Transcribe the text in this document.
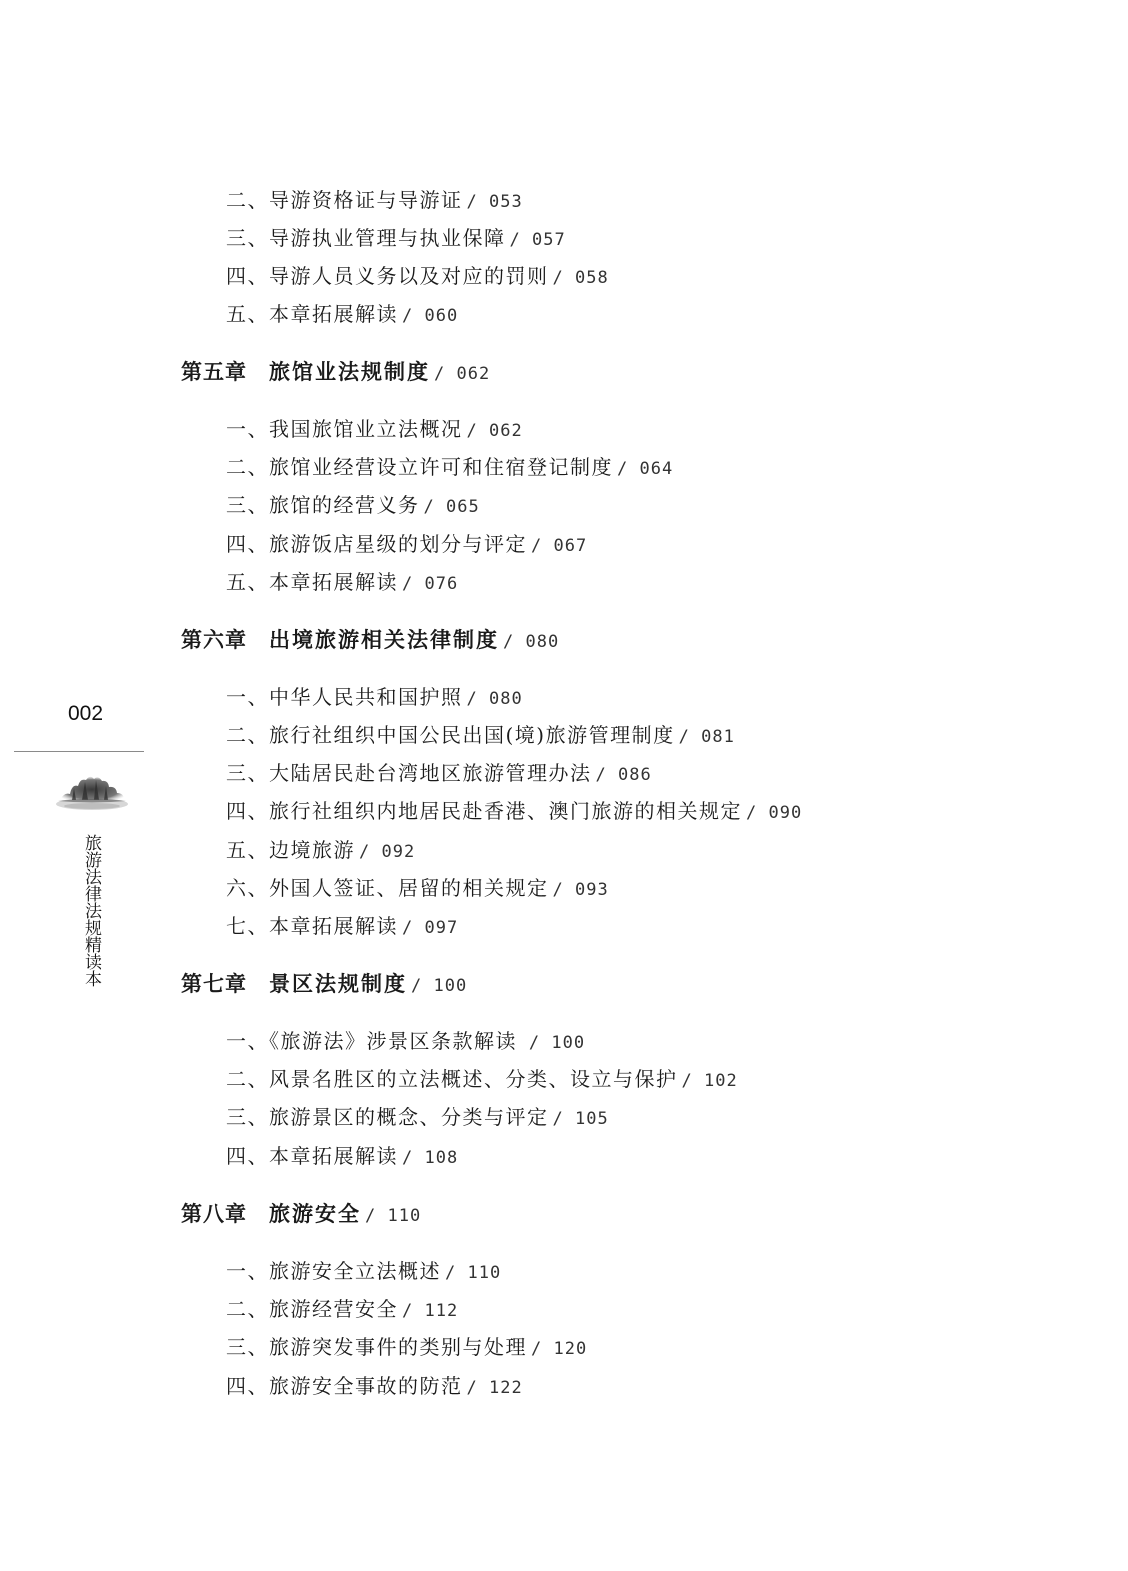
二、导游资格证与导游证 / 053
三、导游执业管理与执业保障 / 057
四、导游人员义务以及对应的罚则 / 058
五、本章拓展解读 / 060
第五章 旅馆业法规制度 / 062
一、我国旅馆业立法概况 / 062
二、旅馆业经营设立许可和住宿登记制度 / 064
三、旅馆的经营义务 / 065
四、旅游饭店星级的划分与评定 / 067
五、本章拓展解读 / 076
第六章 出境旅游相关法律制度 / 080
一、中华人民共和国护照 / 080
二、旅行社组织中国公民出国(境)旅游管理制度 / 081
三、大陆居民赴台湾地区旅游管理办法 / 086
四、旅行社组织内地居民赴香港、澳门旅游的相关规定 / 090
五、边境旅游 / 092
六、外国人签证、居留的相关规定 / 093
七、本章拓展解读 / 097
第七章 景区法规制度 / 100
一、《旅游法》涉景区条款解读 / 100
二、风景名胜区的立法概述、分类、设立与保护 / 102
三、旅游景区的概念、分类与评定 / 105
四、本章拓展解读 / 108
第八章 旅游安全 / 110
一、旅游安全立法概述 / 110
二、旅游经营安全 / 112
三、旅游突发事件的类别与处理 / 120
四、旅游安全事故的防范 / 122
002
旅游法律法规精读本
